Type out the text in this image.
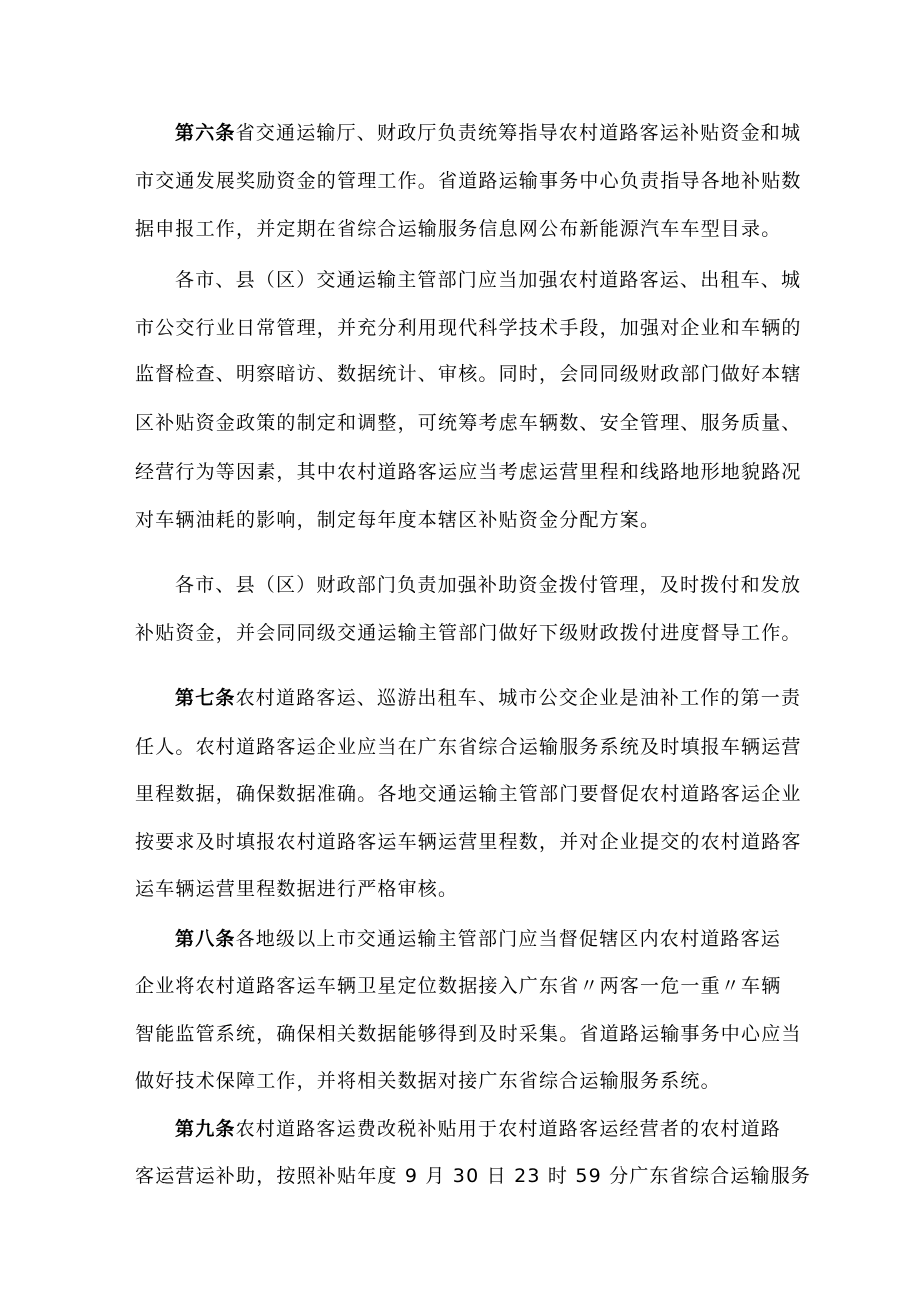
第六条省交通运输厅、财政厅负责统筹指导农村道路客运补贴资金和城
市交通发展奖励资金的管理工作。省道路运输事务中心负责指导各地补贴数
据申报工作，并定期在省综合运输服务信息网公布新能源汽车车型目录。
各市、县（区）交通运输主管部门应当加强农村道路客运、出租车、城
市公交行业日常管理，并充分利用现代科学技术手段，加强对企业和车辆的
监督检查、明察暗访、数据统计、审核。同时，会同同级财政部门做好本辖
区补贴资金政策的制定和调整，可统筹考虑车辆数、安全管理、服务质量、
经营行为等因素，其中农村道路客运应当考虑运营里程和线路地形地貌路况
对车辆油耗的影响，制定每年度本辖区补贴资金分配方案。
各市、县（区）财政部门负责加强补助资金拨付管理，及时拨付和发放
补贴资金，并会同同级交通运输主管部门做好下级财政拨付进度督导工作。
第七条农村道路客运、巡游出租车、城市公交企业是油补工作的第一责
任人。农村道路客运企业应当在广东省综合运输服务系统及时填报车辆运营
里程数据，确保数据准确。各地交通运输主管部门要督促农村道路客运企业
按要求及时填报农村道路客运车辆运营里程数，并对企业提交的农村道路客
运车辆运营里程数据进行严格审核。
第八条各地级以上市交通运输主管部门应当督促辖区内农村道路客运
企业将农村道路客运车辆卫星定位数据接入广东省〃两客一危一重〃车辆
智能监管系统，确保相关数据能够得到及时采集。省道路运输事务中心应当
做好技术保障工作，并将相关数据对接广东省综合运输服务系统。
第九条农村道路客运费改税补贴用于农村道路客运经营者的农村道路
客运营运补助，按照补贴年度 9 月 30 日 23 时 59 分广东省综合运输服务
